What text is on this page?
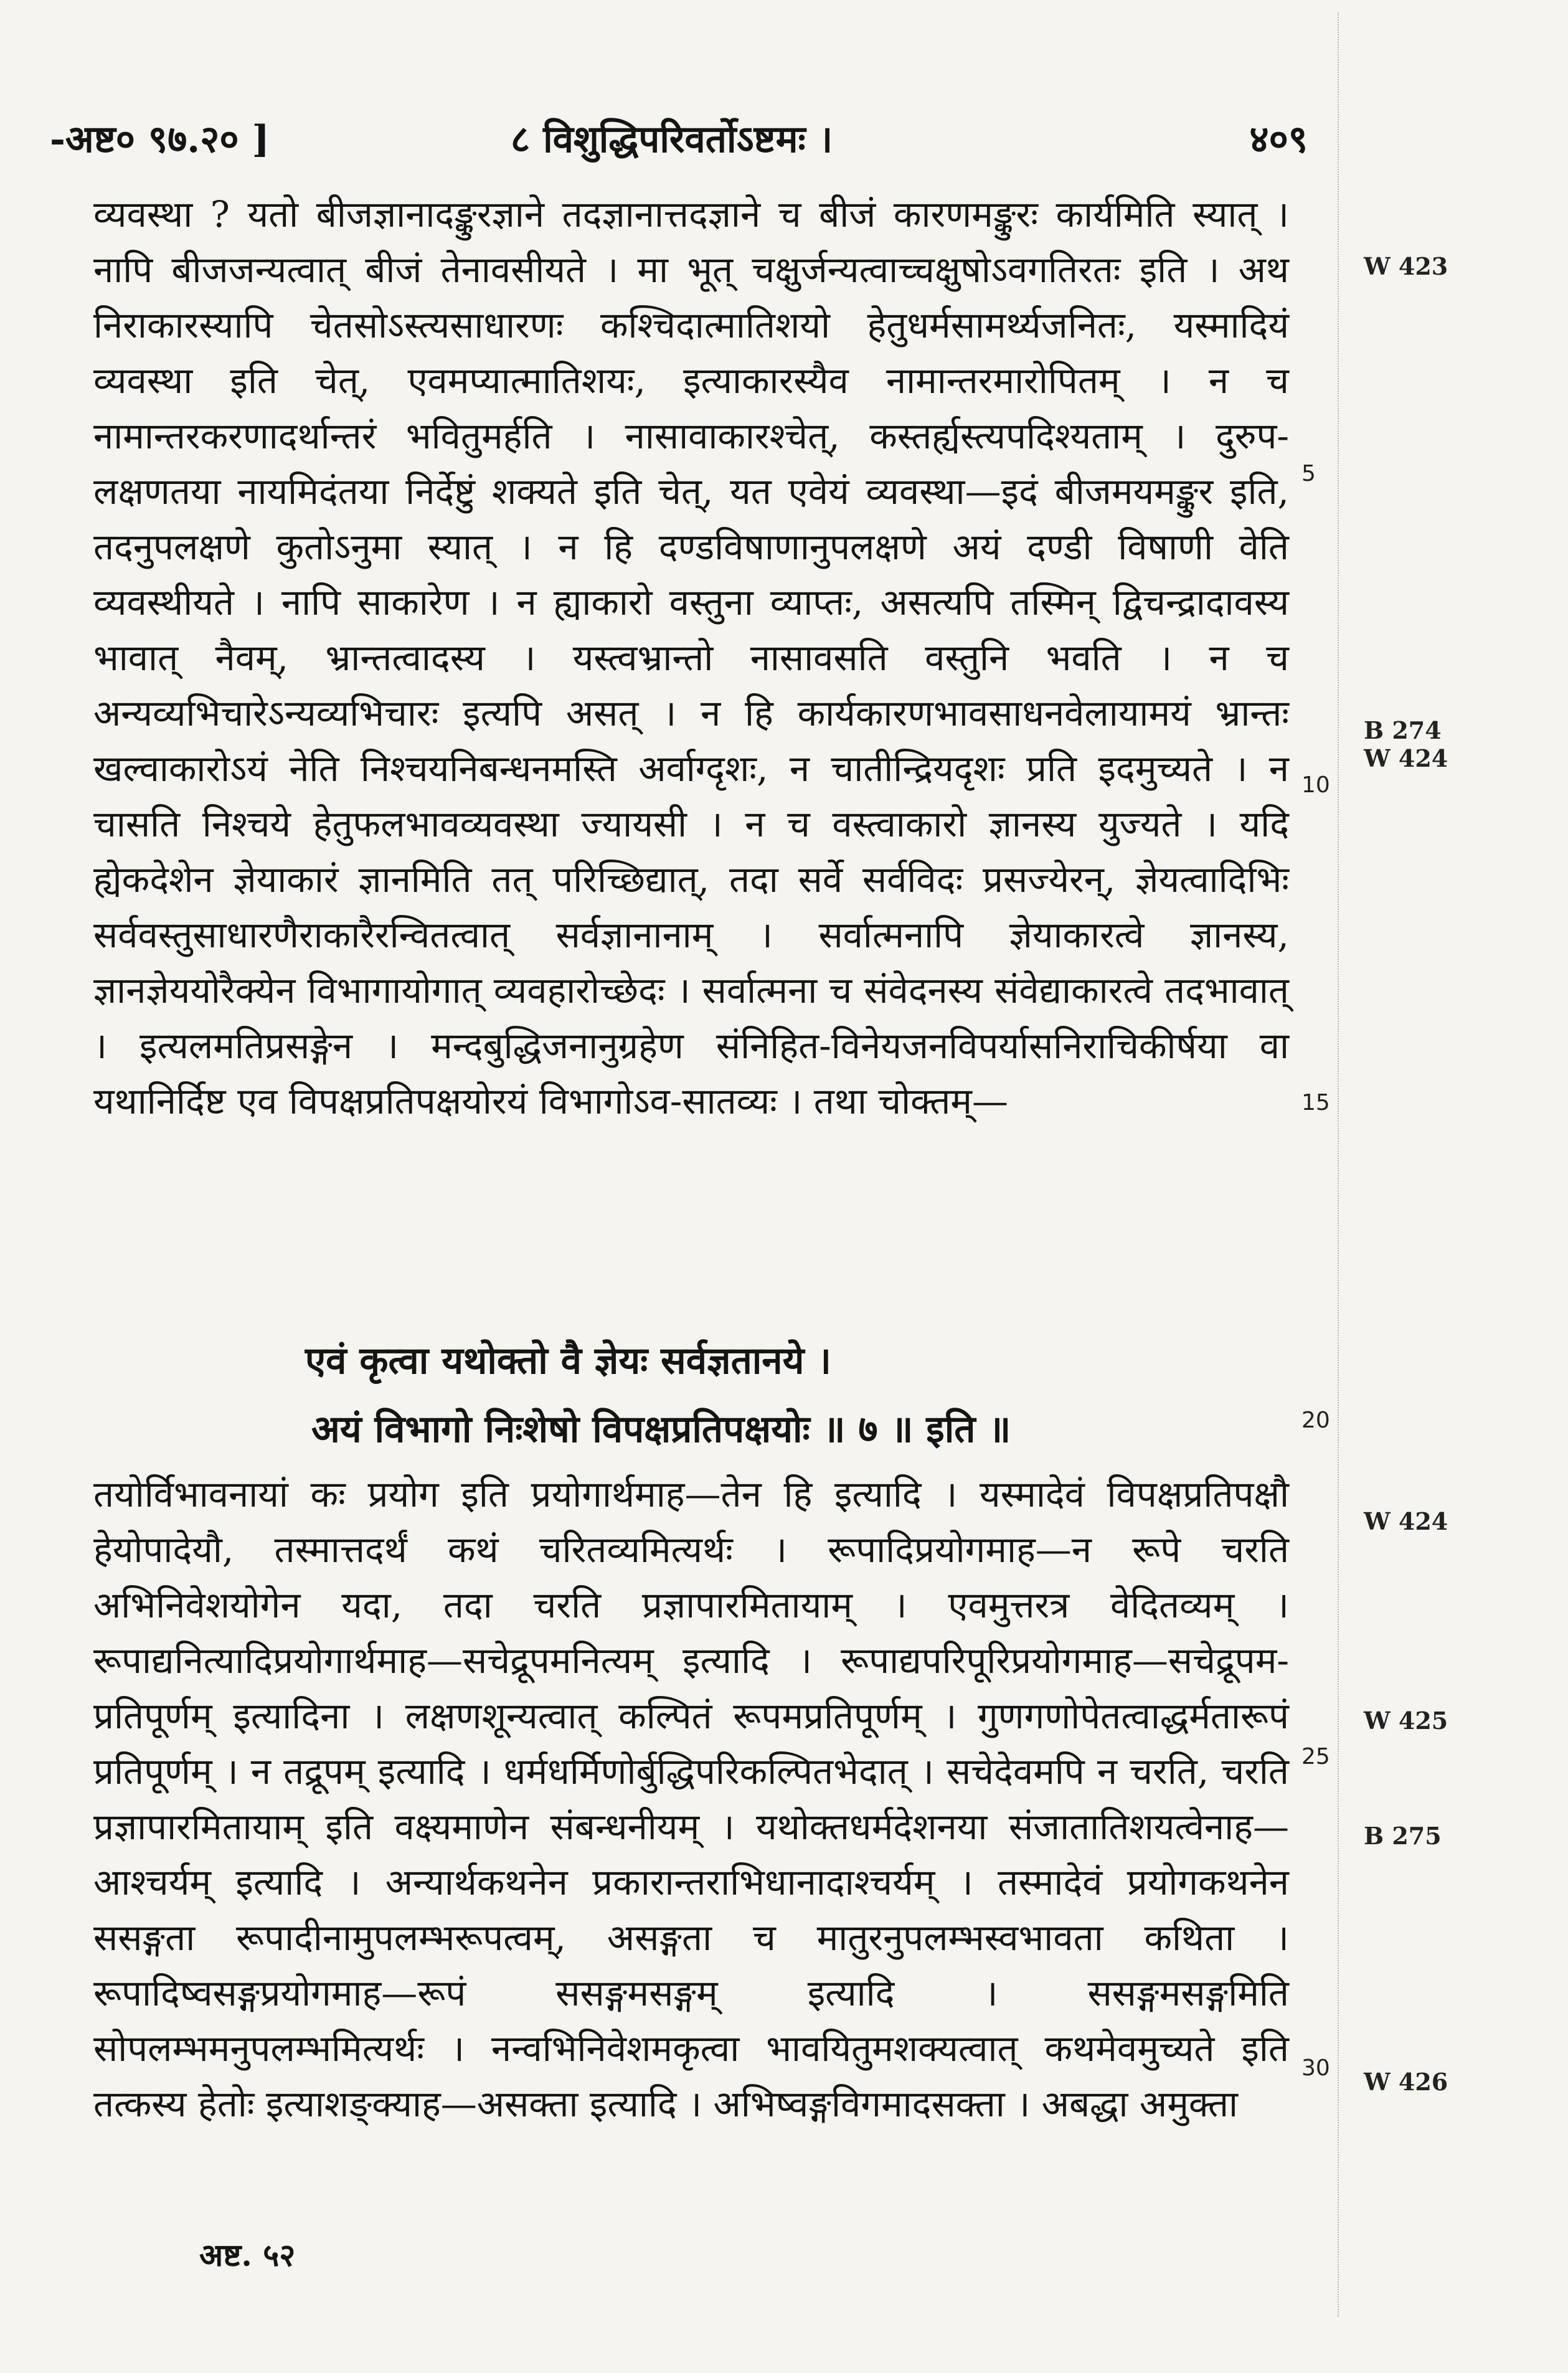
-अष्ट० ९७.२० ]	८ विशुद्धिपरिवर्तोऽष्टमः ।	४०९
व्यवस्था ? यतो बीजज्ञानादङ्कुरज्ञाने तदज्ञानात्तदज्ञाने च बीजं कारणमङ्कुरः कार्यमिति स्यात् । नापि बीजजन्यत्वात् बीजं तेनावसीयते । मा भूत् चक्षुर्जन्यत्वाच्चक्षुषोऽवगतिरतः इति । अथ निराकारस्यापि चेतसोऽस्त्यसाधारणः कश्चिदात्मातिशयो हेतुधर्मसामर्थ्यजनितः, यस्मादियं व्यवस्था इति चेत्, एवमप्यात्मातिशयः, इत्याकारस्यैव नामान्तरमारोपितम् । न च नामान्तरकरणादर्थान्तरं भवितुमर्हति । नासावाकारश्चेत्, कस्तर्ह्यस्त्यपदिश्यताम् । दुरुप-लक्षणतया नायमिदंतया निर्देष्टुं शक्यते इति चेत्, यत एवेयं व्यवस्था—इदं बीजमयमङ्कुर इति, तदनुपलक्षणे कुतोऽनुमा स्यात् । न हि दण्डविषाणानुपलक्षणे अयं दण्डी विषाणी वेति व्यवस्थीयते । नापि साकारेण । न ह्याकारो वस्तुना व्याप्तः, असत्यपि तस्मिन् द्विचन्द्रादावस्य भावात् नैवम्, भ्रान्तत्वादस्य । यस्त्वभ्रान्तो नासावसति वस्तुनि भवति । न च अन्यव्यभिचारेऽन्यव्यभिचारः इत्यपि असत् । न हि कार्यकारणभावसाधनवेलायामयं भ्रान्तः खल्वाकारोऽयं नेति निश्चयनिबन्धनमस्ति अर्वाग्दृशः, न चातीन्द्रियदृशः प्रति इदमुच्यते । न चासति निश्चये हेतुफलभावव्यवस्था ज्यायसी । न च वस्त्वाकारो ज्ञानस्य युज्यते । यदि ह्येकदेशेन ज्ञेयाकारं ज्ञानमिति तत् परिच्छिद्यात्, तदा सर्वे सर्वविदः प्रसज्येरन्, ज्ञेयत्वादिभिः सर्ववस्तुसाधारणैराकारैरन्वितत्वात् सर्वज्ञानानाम् । सर्वात्मनापि ज्ञेयाकारत्वे ज्ञानस्य, ज्ञानज्ञेययोरैक्येन विभागायोगात् व्यवहारोच्छेदः । सर्वात्मना च संवेदनस्य संवेद्याकारत्वे तदभावात् । इत्यलमतिप्रसङ्गेन । मन्दबुद्धिजनानुग्रहेण संनिहित-विनेयजनविपर्यासनिराचिकीर्षया वा यथानिर्दिष्ट एव विपक्षप्रतिपक्षयोरयं विभागोऽव-सातव्यः । तथा चोक्तम्—
एवं कृत्वा यथोक्तो वै ज्ञेयः सर्वज्ञतानये ।
अयं विभागो निःशेषो विपक्षप्रतिपक्षयोः ॥ ७ ॥ इति ॥
तयोर्विभावनायां कः प्रयोग इति प्रयोगार्थमाह—तेन हि इत्यादि । यस्मादेवं विपक्षप्रतिपक्षौ हेयोपादेयौ, तस्मात्तदर्थं कथं चरितव्यमित्यर्थः । रूपादिप्रयोगमाह—न रूपे चरति अभिनिवेशयोगेन यदा, तदा चरति प्रज्ञापारमितायाम् । एवमुत्तरत्र वेदितव्यम् । रूपाद्यनित्यादिप्रयोगार्थमाह—सचेद्रूपमनित्यम् इत्यादि । रूपाद्यपरिपूरिप्रयोगमाह—सचेद्रूपम-प्रतिपूर्णम् इत्यादिना । लक्षणशून्यत्वात् कल्पितं रूपमप्रतिपूर्णम् । गुणगणोपेतत्वाद्धर्मतारूपं प्रतिपूर्णम् । न तद्रूपम् इत्यादि । धर्मधर्मिणोर्बुद्धिपरिकल्पितभेदात् । सचेदेवमपि न चरति, चरति प्रज्ञापारमितायाम् इति वक्ष्यमाणेन संबन्धनीयम् । यथोक्तधर्मदेशनया संजातातिशयत्वेनाह—आश्चर्यम् इत्यादि । अन्यार्थकथनेन प्रकारान्तराभिधानादाश्चर्यम् । तस्मादेवं प्रयोगकथनेन ससङ्गता रूपादीनामुपलम्भरूपत्वम्, असङ्गता च मातुरनुपलम्भस्वभावता कथिता । रूपादिष्वसङ्गप्रयोगमाह—रूपं ससङ्गमसङ्गम् इत्यादि । ससङ्गमसङ्गमिति सोपलम्भमनुपलम्भमित्यर्थः । नन्वभिनिवेशमकृत्वा भावयितुमशक्यत्वात् कथमेवमुच्यते इति तत्कस्य हेतोः इत्याशङ्क्याह—असक्ता इत्यादि । अभिष्वङ्गविगमादसक्ता । अबद्धा अमुक्ता
5
10
15
20
25
30
W 423
B 274
W 424
W 424
W 425
B 275
W 426
अष्ट. ५२
